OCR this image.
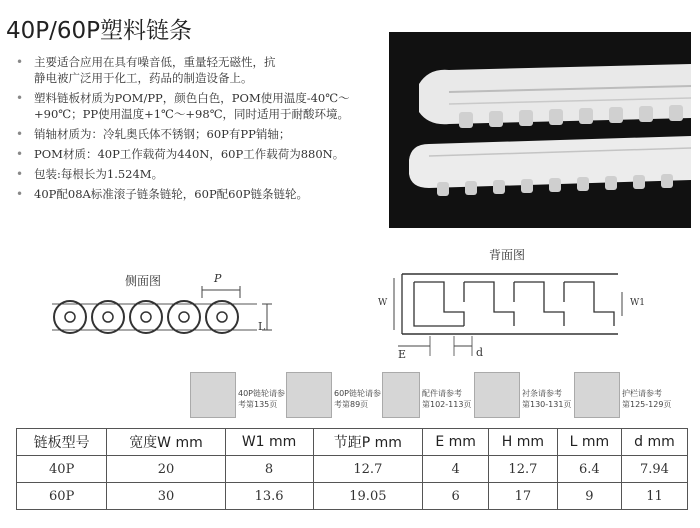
40P/60P塑料链条
• 主要适合应用在具有噪音低，重量轻无磁性，抗
静电被广泛用于化工，药品的制造设备上。
• 塑料链板材质为POM/PP，颜色白色，POM使用温度-40℃～
+90℃；PP使用温度+1℃～+98℃，同时适用于耐酸环境。
• 销轴材质为：冷轧奥氏体不锈钢；60P有PP销轴；
• POM材质：40P工作载荷为440N，60P工作载荷为880N。
• 包装:每根长为1.524M。
• 40P配08A标准滚子链条链轮，60P配60P链条链轮。
侧面图	P
L
背面图
W	W1
E	d
40P链轮请参
考第135页
60P链轮请参
考第89页
配件请参考
第102-113页
衬条请参考
第130-131页
护栏请参考
第125-129页
链板型号	宽度W mm	W1 mm	节距P mm	E mm	H mm	L mm	d mm
40P	20	8	12.7	4	12.7	6.4	7.94
60P	30	13.6	19.05	6	17	9	11
